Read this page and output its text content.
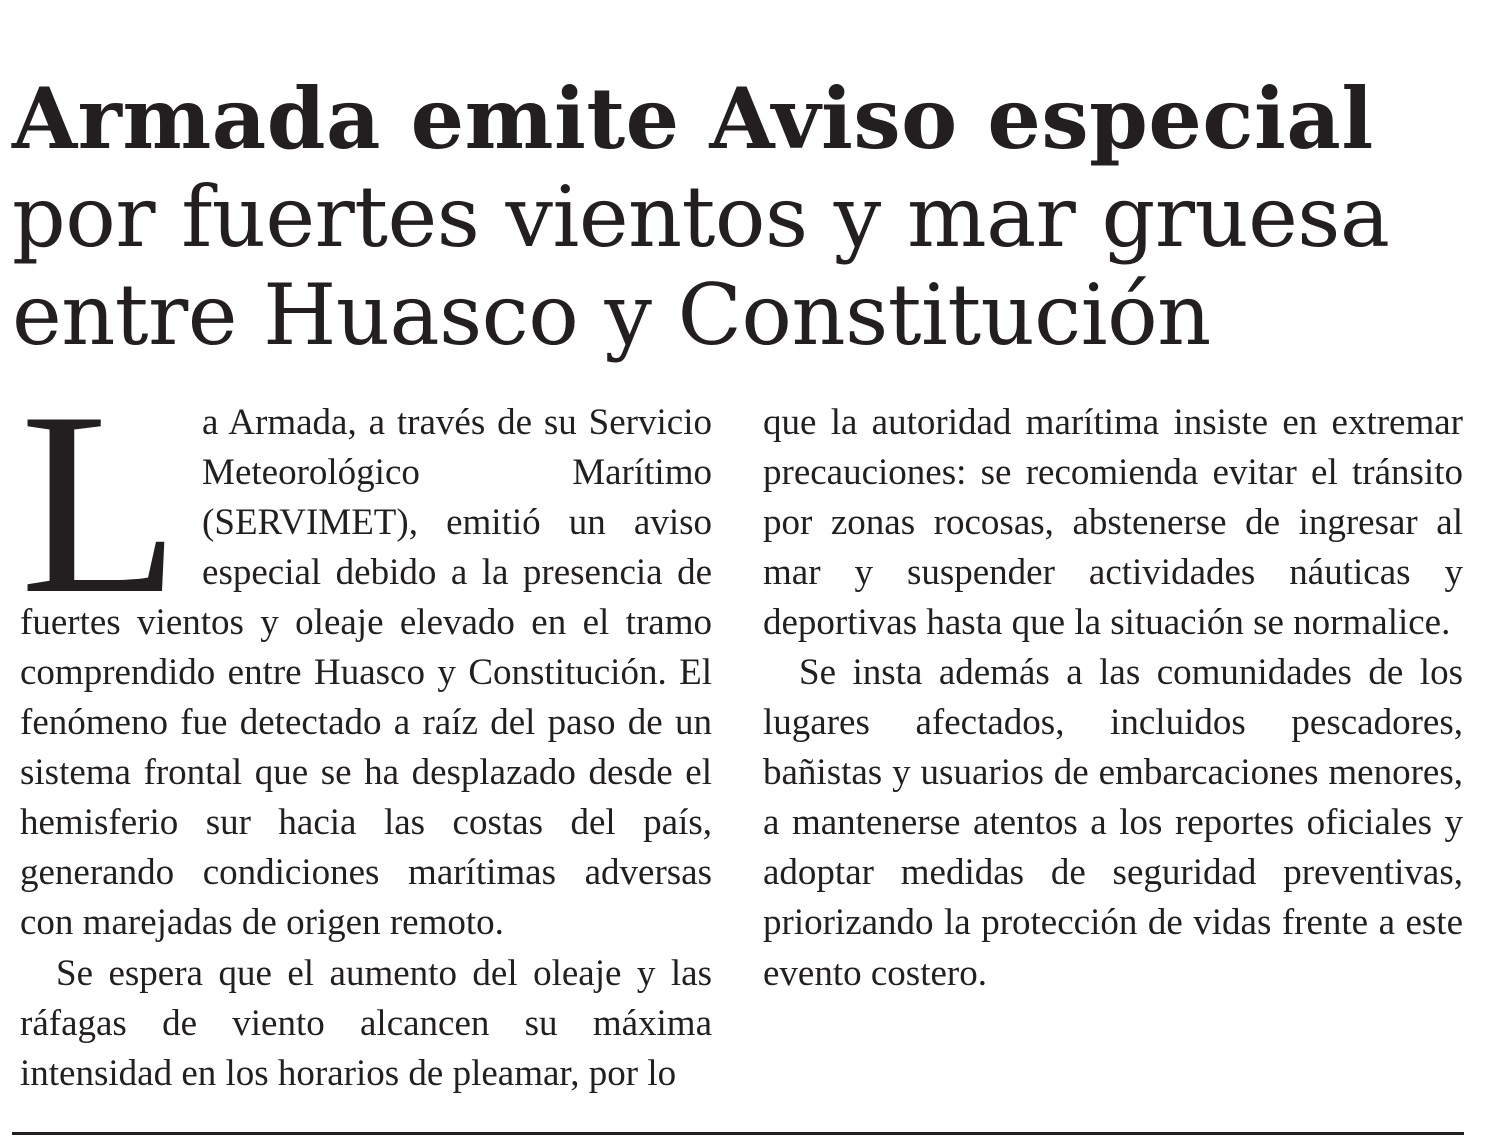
Armada emite Aviso especial
por fuertes vientos y mar gruesa
entre Huasco y Constitución
L a Armada, a través de su Servicio Meteorológico Marítimo (SERVIMET), emitió un aviso especial debido a la presencia de fuertes vientos y oleaje elevado en el tramo comprendido entre Huasco y Constitución. El fenómeno fue detectado a raíz del paso de un sistema frontal que se ha desplazado desde el hemisferio sur hacia las costas del país, generando condiciones marítimas adversas con marejadas de origen remoto.

Se espera que el aumento del oleaje y las ráfagas de viento alcancen su máxima intensidad en los horarios de pleamar, por lo

que la autoridad marítima insiste en extremar precauciones: se recomienda evitar el tránsito por zonas rocosas, abstenerse de ingresar al mar y suspender actividades náuticas y deportivas hasta que la situación se normalice.

Se insta además a las comunidades de los lugares afectados, incluidos pescadores, bañistas y usuarios de embarcaciones menores, a mantenerse atentos a los reportes oficiales y adoptar medidas de seguridad preventivas, priorizando la protección de vidas frente a este evento costero.
